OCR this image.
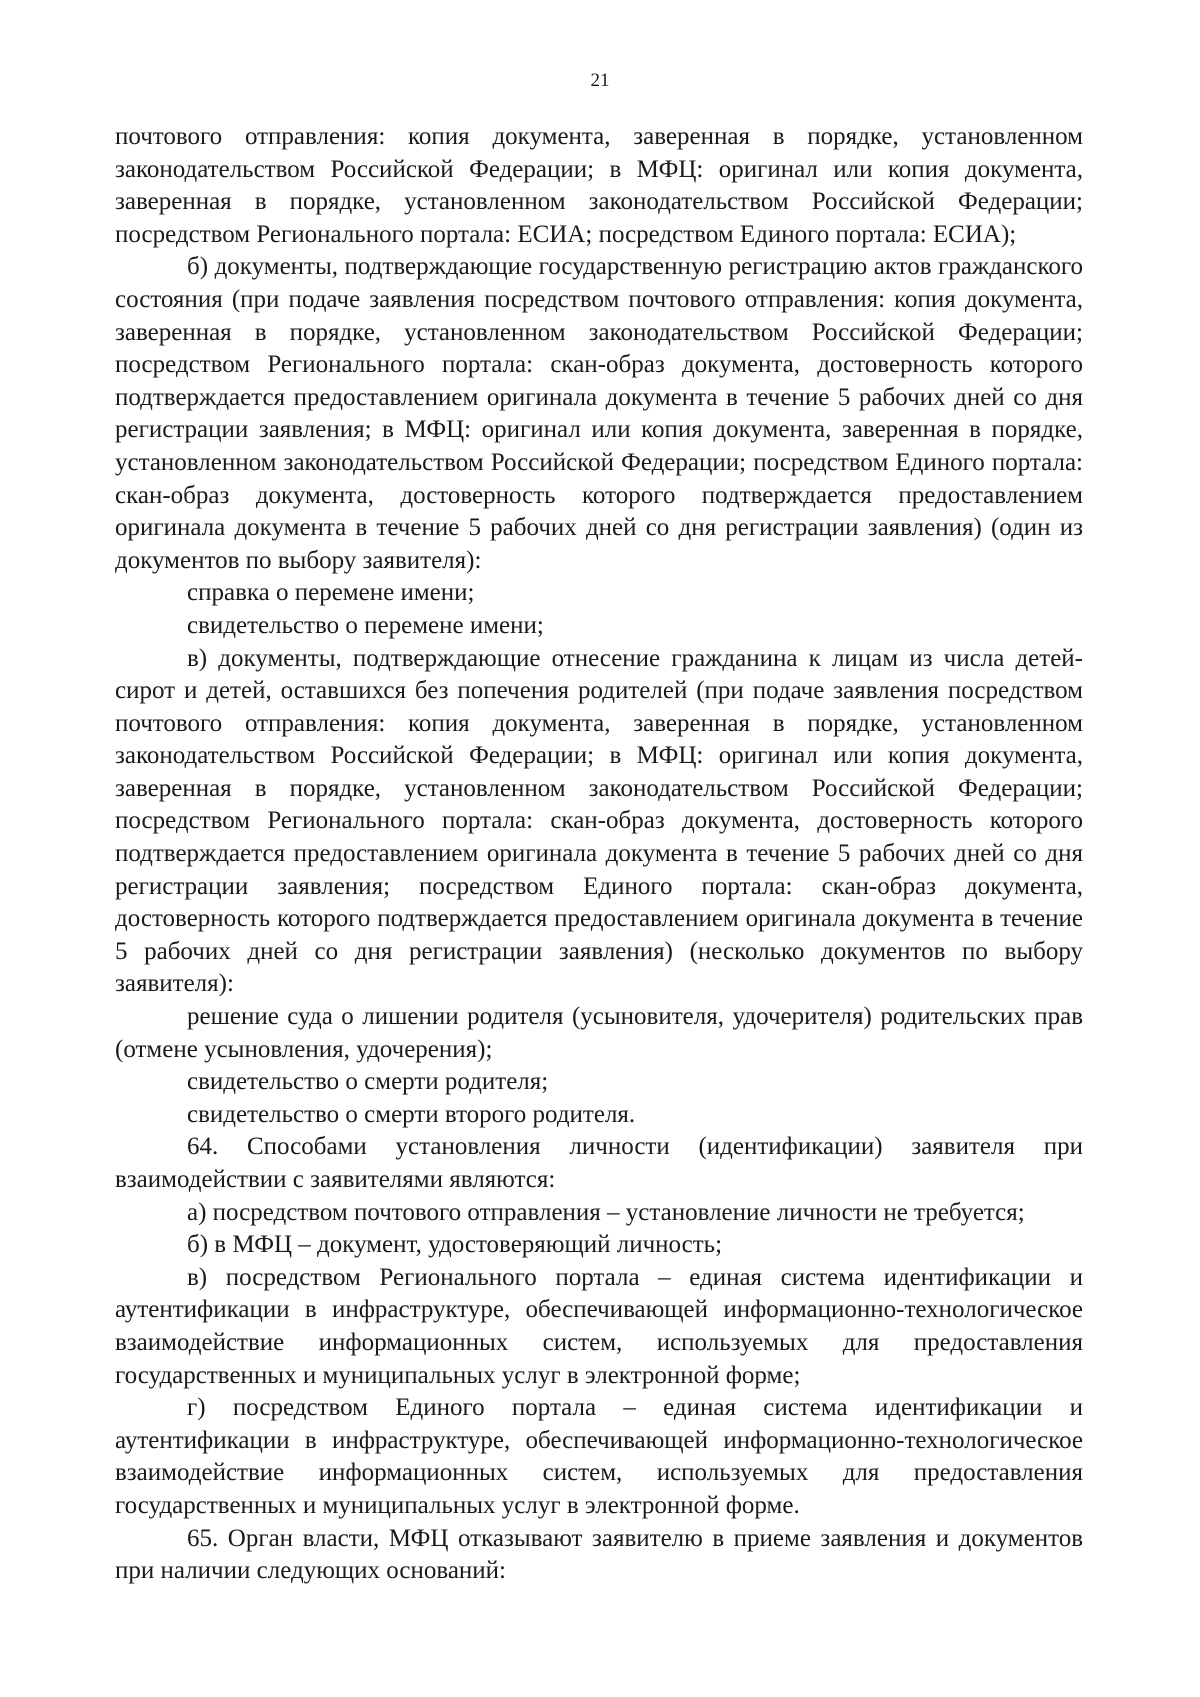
21

почтового отправления: копия документа, заверенная в порядке, установленном законодательством Российской Федерации; в МФЦ: оригинал или копия документа, заверенная в порядке, установленном законодательством Российской Федерации; посредством Регионального портала: ЕСИА; посредством Единого портала: ЕСИА);

б) документы, подтверждающие государственную регистрацию актов гражданского состояния (при подаче заявления посредством почтового отправления: копия документа, заверенная в порядке, установленном законодательством Российской Федерации; посредством Регионального портала: скан-образ документа, достоверность которого подтверждается предоставлением оригинала документа в течение 5 рабочих дней со дня регистрации заявления; в МФЦ: оригинал или копия документа, заверенная в порядке, установленном законодательством Российской Федерации; посредством Единого портала: скан-образ документа, достоверность которого подтверждается предоставлением оригинала документа в течение 5 рабочих дней со дня регистрации заявления) (один из документов по выбору заявителя):

справка о перемене имени;

свидетельство о перемене имени;

в) документы, подтверждающие отнесение гражданина к лицам из числа детей-сирот и детей, оставшихся без попечения родителей (при подаче заявления посредством почтового отправления: копия документа, заверенная в порядке, установленном законодательством Российской Федерации; в МФЦ: оригинал или копия документа, заверенная в порядке, установленном законодательством Российской Федерации; посредством Регионального портала: скан-образ документа, достоверность которого подтверждается предоставлением оригинала документа в течение 5 рабочих дней со дня регистрации заявления; посредством Единого портала: скан-образ документа, достоверность которого подтверждается предоставлением оригинала документа в течение 5 рабочих дней со дня регистрации заявления) (несколько документов по выбору заявителя):

решение суда о лишении родителя (усыновителя, удочерителя) родительских прав (отмене усыновления, удочерения);

свидетельство о смерти родителя;

свидетельство о смерти второго родителя.

64. Способами установления личности (идентификации) заявителя при взаимодействии с заявителями являются:

а) посредством почтового отправления – установление личности не требуется;

б) в МФЦ – документ, удостоверяющий личность;

в) посредством Регионального портала – единая система идентификации и аутентификации в инфраструктуре, обеспечивающей информационно-технологическое взаимодействие информационных систем, используемых для предоставления государственных и муниципальных услуг в электронной форме;

г) посредством Единого портала – единая система идентификации и аутентификации в инфраструктуре, обеспечивающей информационно-технологическое взаимодействие информационных систем, используемых для предоставления государственных и муниципальных услуг в электронной форме.

65. Орган власти, МФЦ отказывают заявителю в приеме заявления и документов при наличии следующих оснований:
